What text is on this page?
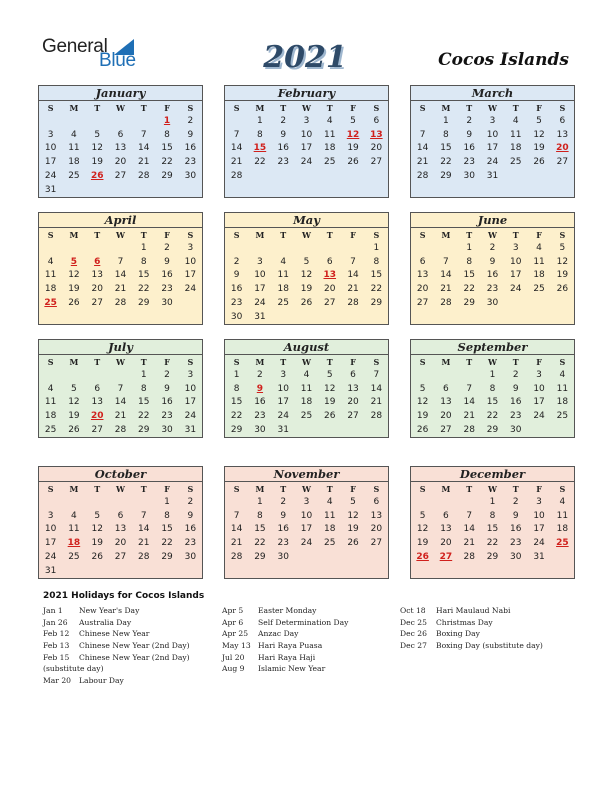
General
Blue	2021	Cocos Islands
January
S	M	T	W	T	F	S
					1	2
3	4	5	6	7	8	9
10	11	12	13	14	15	16
17	18	19	20	21	22	23
24	25	26	27	28	29	30
31						
February
S	M	T	W	T	F	S
	1	2	3	4	5	6
7	8	9	10	11	12	13
14	15	16	17	18	19	20
21	22	23	24	25	26	27
28						
March
S	M	T	W	T	F	S
	1	2	3	4	5	6
7	8	9	10	11	12	13
14	15	16	17	18	19	20
21	22	23	24	25	26	27
28	29	30	31			
April
S	M	T	W	T	F	S
				1	2	3
4	5	6	7	8	9	10
11	12	13	14	15	16	17
18	19	20	21	22	23	24
25	26	27	28	29	30	
May
S	M	T	W	T	F	S
						1
2	3	4	5	6	7	8
9	10	11	12	13	14	15
16	17	18	19	20	21	22
23	24	25	26	27	28	29
30	31					
June
S	M	T	W	T	F	S
		1	2	3	4	5
6	7	8	9	10	11	12
13	14	15	16	17	18	19
20	21	22	23	24	25	26
27	28	29	30			
July
S	M	T	W	T	F	S
				1	2	3
4	5	6	7	8	9	10
11	12	13	14	15	16	17
18	19	20	21	22	23	24
25	26	27	28	29	30	31
August
S	M	T	W	T	F	S
1	2	3	4	5	6	7
8	9	10	11	12	13	14
15	16	17	18	19	20	21
22	23	24	25	26	27	28
29	30	31				
September
S	M	T	W	T	F	S
			1	2	3	4
5	6	7	8	9	10	11
12	13	14	15	16	17	18
19	20	21	22	23	24	25
26	27	28	29	30		
October
S	M	T	W	T	F	S
					1	2
3	4	5	6	7	8	9
10	11	12	13	14	15	16
17	18	19	20	21	22	23
24	25	26	27	28	29	30
31						
November
S	M	T	W	T	F	S
	1	2	3	4	5	6
7	8	9	10	11	12	13
14	15	16	17	18	19	20
21	22	23	24	25	26	27
28	29	30				
December
S	M	T	W	T	F	S
			1	2	3	4
5	6	7	8	9	10	11
12	13	14	15	16	17	18
19	20	21	22	23	24	25
26	27	28	29	30	31	
2021 Holidays for Cocos Islands
Jan 1 New Year's Day
Jan 26 Australia Day
Feb 12 Chinese New Year
Feb 13 Chinese New Year (2nd Day)
Feb 15 Chinese New Year (2nd Day)
(substitute day)
Mar 20 Labour Day
Apr 5 Easter Monday
Apr 6 Self Determination Day
Apr 25 Anzac Day
May 13 Hari Raya Puasa
Jul 20 Hari Raya Haji
Aug 9 Islamic New Year
Oct 18 Hari Maulaud Nabi
Dec 25 Christmas Day
Dec 26 Boxing Day
Dec 27 Boxing Day (substitute day)
